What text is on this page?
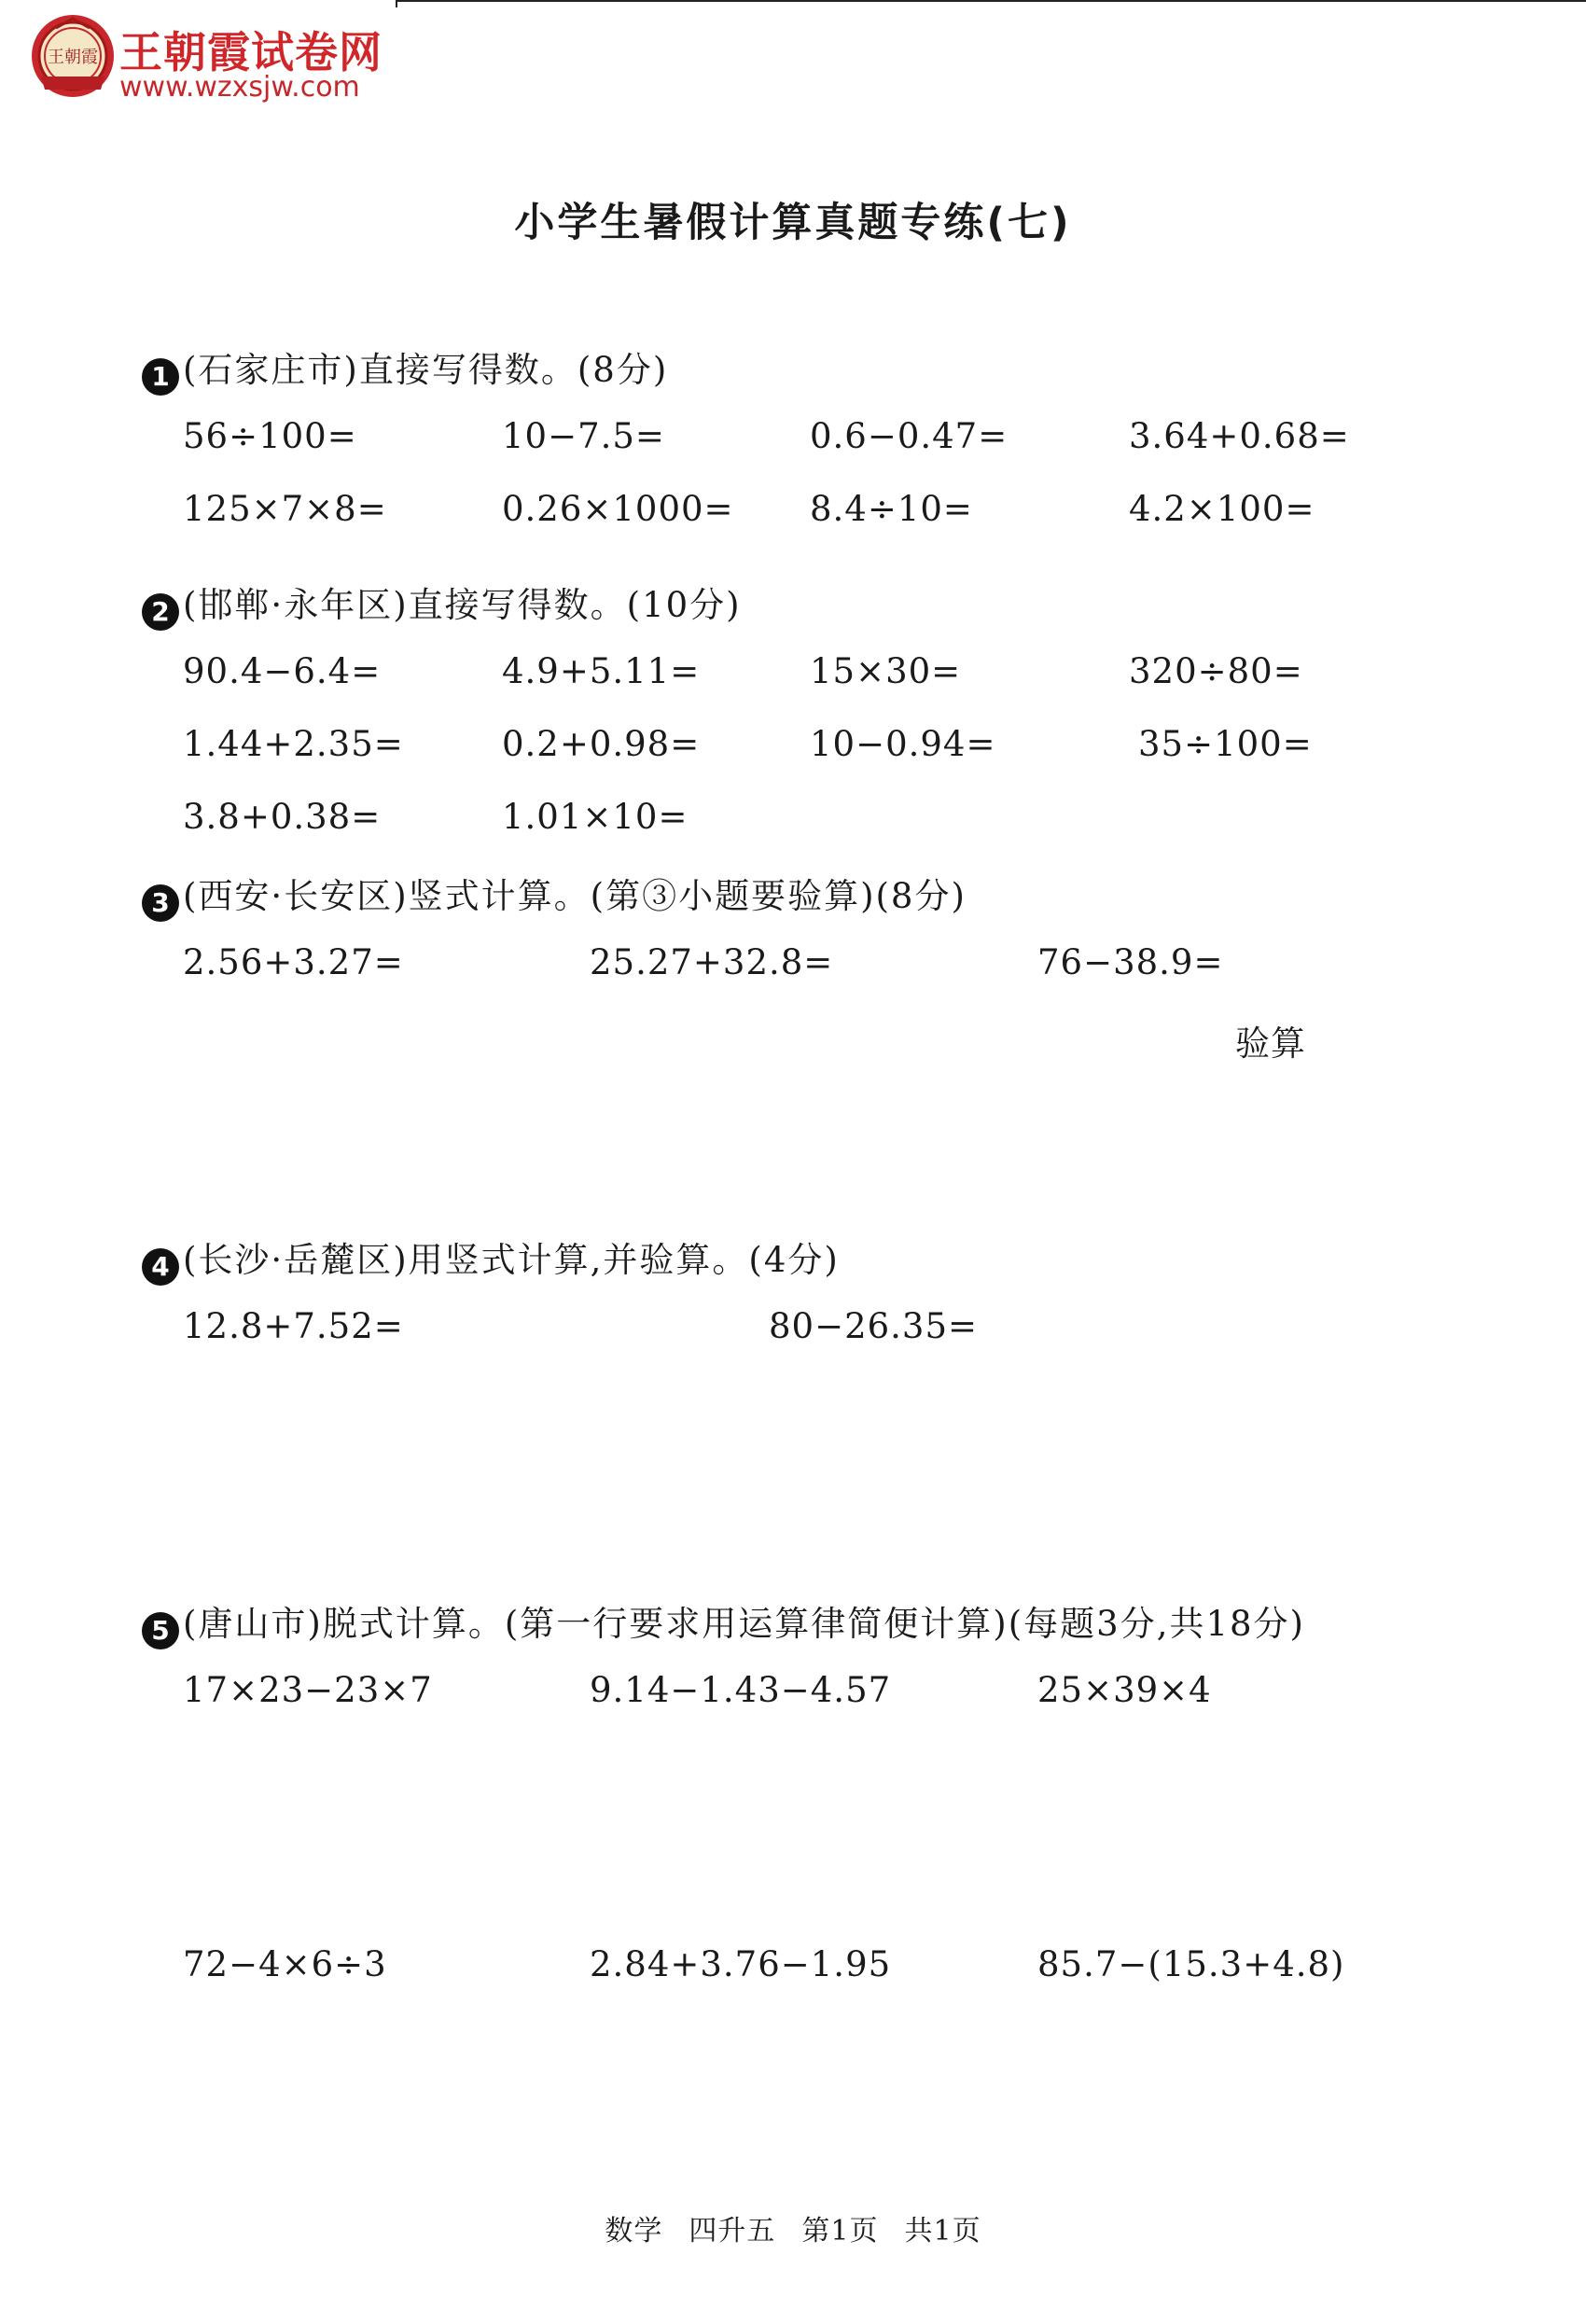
王朝霞 王朝霞试卷网
www.wzxsjw.com
小学生暑假计算真题专练(七)
1 (石家庄市)直接写得数。(8分)
56÷100=	10−7.5=	0.6−0.47=	3.64+0.68=
125×7×8=	0.26×1000= 8.4÷10=	4.2×100=
2 (邯郸·永年区)直接写得数。(10分)
90.4−6.4=	4.9+5.11=	15×30=	320÷80=
1.44+2.35=	0.2+0.98=	10−0.94=	35÷100=
3.8+0.38=	1.01×10=
3 (西安·长安区)竖式计算。(第③小题要验算)(8分)
2.56+3.27=	25.27+32.8=	76−38.9=
验算
4 (长沙·岳麓区)用竖式计算,并验算。(4分)
12.8+7.52=	80−26.35=
5 (唐山市)脱式计算。(第一行要求用运算律简便计算)(每题3分,共18分)
17×23−23×7	9.14−1.43−4.57	25×39×4
72−4×6÷3	2.84+3.76−1.95	85.7−(15.3+4.8)
数学 四升五 第1页 共1页
